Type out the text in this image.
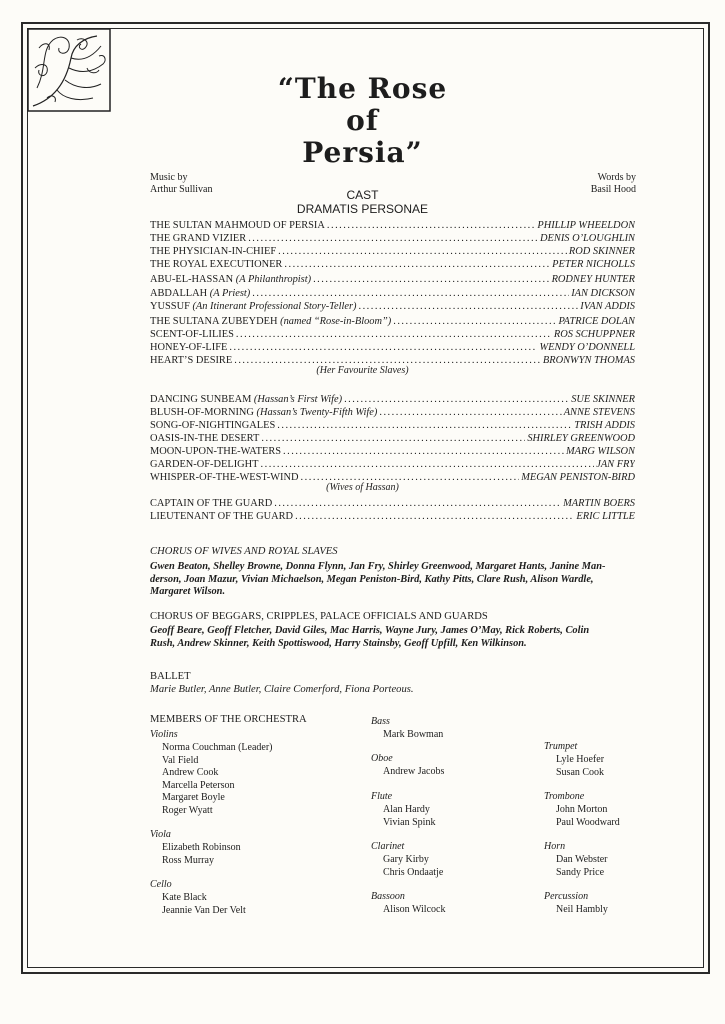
“The Rose
of
Persia”
Music by
Arthur Sullivan
Words by
Basil Hood
CAST
DRAMATIS PERSONAE
THE SULTAN MAHMOUD OF PERSIA .....	PHILLIP WHEELDON
THE GRAND VIZIER .....	DENIS O’LOUGHLIN
THE PHYSICIAN-IN-CHIEF .....	ROD SKINNER
THE ROYAL EXECUTIONER .....	PETER NICHOLLS
ABU-EL-HASSAN (A Philanthropist) .....	RODNEY HUNTER
ABDALLAH (A Priest) .....	IAN DICKSON
YUSSUF (An Itinerant Professional Story-Teller) .....	IVAN ADDIS
THE SULTANA ZUBEYDEH (named “Rose-in-Bloom”) .....	PATRICE DOLAN
SCENT-OF-LILIES .....	ROS SCHUPPNER
HONEY-OF-LIFE .....	WENDY O’DONNELL
HEART’S DESIRE .....	BRONWYN THOMAS
DANCING SUNBEAM (Hassan’s First Wife) .....	SUE SKINNER
BLUSH-OF-MORNING (Hassan’s Twenty-Fifth Wife) .....	ANNE STEVENS
SONG-OF-NIGHTINGALES .....	TRISH ADDIS
OASIS-IN-THE DESERT .....	SHIRLEY GREENWOOD
MOON-UPON-THE-WATERS .....	MARG WILSON
GARDEN-OF-DELIGHT .....	JAN FRY
WHISPER-OF-THE-WEST-WIND .....	MEGAN PENISTON-BIRD
CAPTAIN OF THE GUARD .....	MARTIN BOERS
LIEUTENANT OF THE GUARD .....	ERIC LITTLE
(Her Favourite Slaves)
(Wives of Hassan)
CHORUS OF WIVES AND ROYAL SLAVES
Gwen Beaton, Shelley Browne, Donna Flynn, Jan Fry, Shirley Greenwood, Margaret Hants, Janine Man-
derson, Joan Mazur, Vivian Michaelson, Megan Peniston-Bird, Kathy Pitts, Clare Rush, Alison Wardle,
Margaret Wilson.
CHORUS OF BEGGARS, CRIPPLES, PALACE OFFICIALS AND GUARDS
Geoff Beare, Geoff Fletcher, David Giles, Mac Harris, Wayne Jury, James O’May, Rick Roberts, Colin
Rush, Andrew Skinner, Keith Spottiswood, Harry Stainsby, Geoff Upfill, Ken Wilkinson.
BALLET
Marie Butler, Anne Butler, Claire Comerford, Fiona Porteous.
MEMBERS OF THE ORCHESTRA
Violins
Norma Couchman (Leader)
Val Field
Andrew Cook
Marcella Peterson
Margaret Boyle
Roger Wyatt
Viola
Elizabeth Robinson
Ross Murray
Cello
Kate Black
Jeannie Van Der Velt
Bass
Mark Bowman
Oboe
Andrew Jacobs
Flute
Alan Hardy
Vivian Spink
Clarinet
Gary Kirby
Chris Ondaatje
Bassoon
Alison Wilcock
Trumpet
Lyle Hoefer
Susan Cook
Trombone
John Morton
Paul Woodward
Horn
Dan Webster
Sandy Price
Percussion
Neil Hambly
